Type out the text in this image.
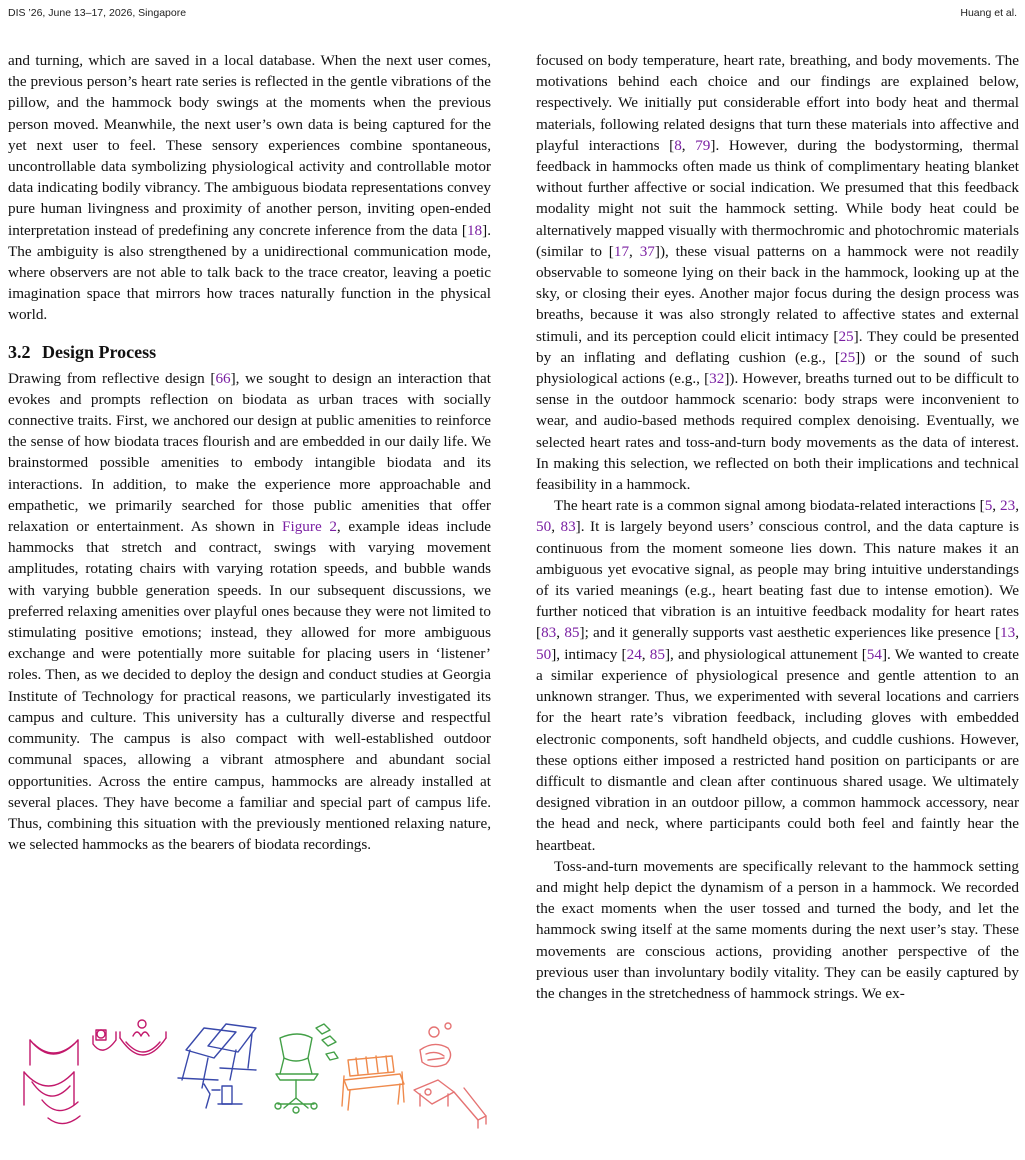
DIS ’26, June 13–17, 2026, Singapore	Huang et al.

and turning, which are saved in a local database. When the next user comes, the previous person’s heart rate series is reflected in the gentle vibrations of the pillow, and the hammock body swings at the moments when the previous person moved. Meanwhile, the next user’s own data is being captured for the yet next user to feel. These sensory experiences combine spontaneous, uncontrollable data symbolizing physiological activity and controllable motor data indicating bodily vibrancy. The ambiguous biodata representations convey pure human livingness and proximity of another person, inviting open-ended interpretation instead of predefining any concrete inference from the data [18]. The ambiguity is also strengthened by a unidirectional communication mode, where observers are not able to talk back to the trace creator, leaving a poetic imagination space that mirrors how traces naturally function in the physical world.

3.2 Design Process

Drawing from reflective design [66], we sought to design an interaction that evokes and prompts reflection on biodata as urban traces with socially connective traits. First, we anchored our design at public amenities to reinforce the sense of how biodata traces flourish and are embedded in our daily life. We brainstormed possible amenities to embody intangible biodata and its interactions. In addition, to make the experience more approachable and empathetic, we primarily searched for those public amenities that offer relaxation or entertainment. As shown in Figure 2, example ideas include hammocks that stretch and contract, swings with varying movement amplitudes, rotating chairs with varying rotation speeds, and bubble wands with varying bubble generation speeds. In our subsequent discussions, we preferred relaxing amenities over playful ones because they were not limited to stimulating positive emotions; instead, they allowed for more ambiguous exchange and were potentially more suitable for placing users in ‘listener’ roles. Then, as we decided to deploy the design and conduct studies at Georgia Institute of Technology for practical reasons, we particularly investigated its campus and culture. This university has a culturally diverse and respectful community. The campus is also compact with well-established outdoor communal spaces, allowing a vibrant atmosphere and abundant social opportunities. Across the entire campus, hammocks are already installed at several places. They have become a familiar and special part of campus life. Thus, combining this situation with the previously mentioned relaxing nature, we selected hammocks as the bearers of biodata recordings.

focused on body temperature, heart rate, breathing, and body movements. The motivations behind each choice and our findings are explained below, respectively. We initially put considerable effort into body heat and thermal materials, following related designs that turn these materials into affective and playful interactions [8, 79]. However, during the bodystorming, thermal feedback in hammocks often made us think of complimentary heating blanket without further affective or social indication. We presumed that this feedback modality might not suit the hammock setting. While body heat could be alternatively mapped visually with thermochromic and photochromic materials (similar to [17, 37]), these visual patterns on a hammock were not readily observable to someone lying on their back in the hammock, looking up at the sky, or closing their eyes. Another major focus during the design process was breaths, because it was also strongly related to affective states and external stimuli, and its perception could elicit intimacy [25]. They could be presented by an inflating and deflating cushion (e.g., [25]) or the sound of such physiological actions (e.g., [32]). However, breaths turned out to be difficult to sense in the outdoor hammock scenario: body straps were inconvenient to wear, and audio-based methods required complex denoising. Eventually, we selected heart rates and toss-and-turn body movements as the data of interest. In making this selection, we reflected on both their implications and technical feasibility in a hammock.

The heart rate is a common signal among biodata-related interactions [5, 23, 50, 83]. It is largely beyond users’ conscious control, and the data capture is continuous from the moment someone lies down. This nature makes it an ambiguous yet evocative signal, as people may bring intuitive understandings of its varied meanings (e.g., heart beating fast due to intense emotion). We further noticed that vibration is an intuitive feedback modality for heart rates [83, 85]; and it generally supports vast aesthetic experiences like presence [13, 50], intimacy [24, 85], and physiological attunement [54]. We wanted to create a similar experience of physiological presence and gentle attention to an unknown stranger. Thus, we experimented with several locations and carriers for the heart rate’s vibration feedback, including gloves with embedded electronic components, soft handheld objects, and cuddle cushions. However, these options either imposed a restricted hand position on participants or are difficult to dismantle and clean after continuous shared usage. We ultimately designed vibration in an outdoor pillow, a common hammock accessory, near the head and neck, where participants could both feel and faintly hear the heartbeat.

Toss-and-turn movements are specifically relevant to the hammock setting and might help depict the dynamism of a person in a hammock. We recorded the exact moments when the user tossed and turned the body, and let the hammock swing itself at the same moments during the next user’s stay. These movements are conscious actions, providing another perspective of the previous user than involuntary bodily vitality. They can be easily captured by the changes in the stretchedness of hammock strings. We ex-
